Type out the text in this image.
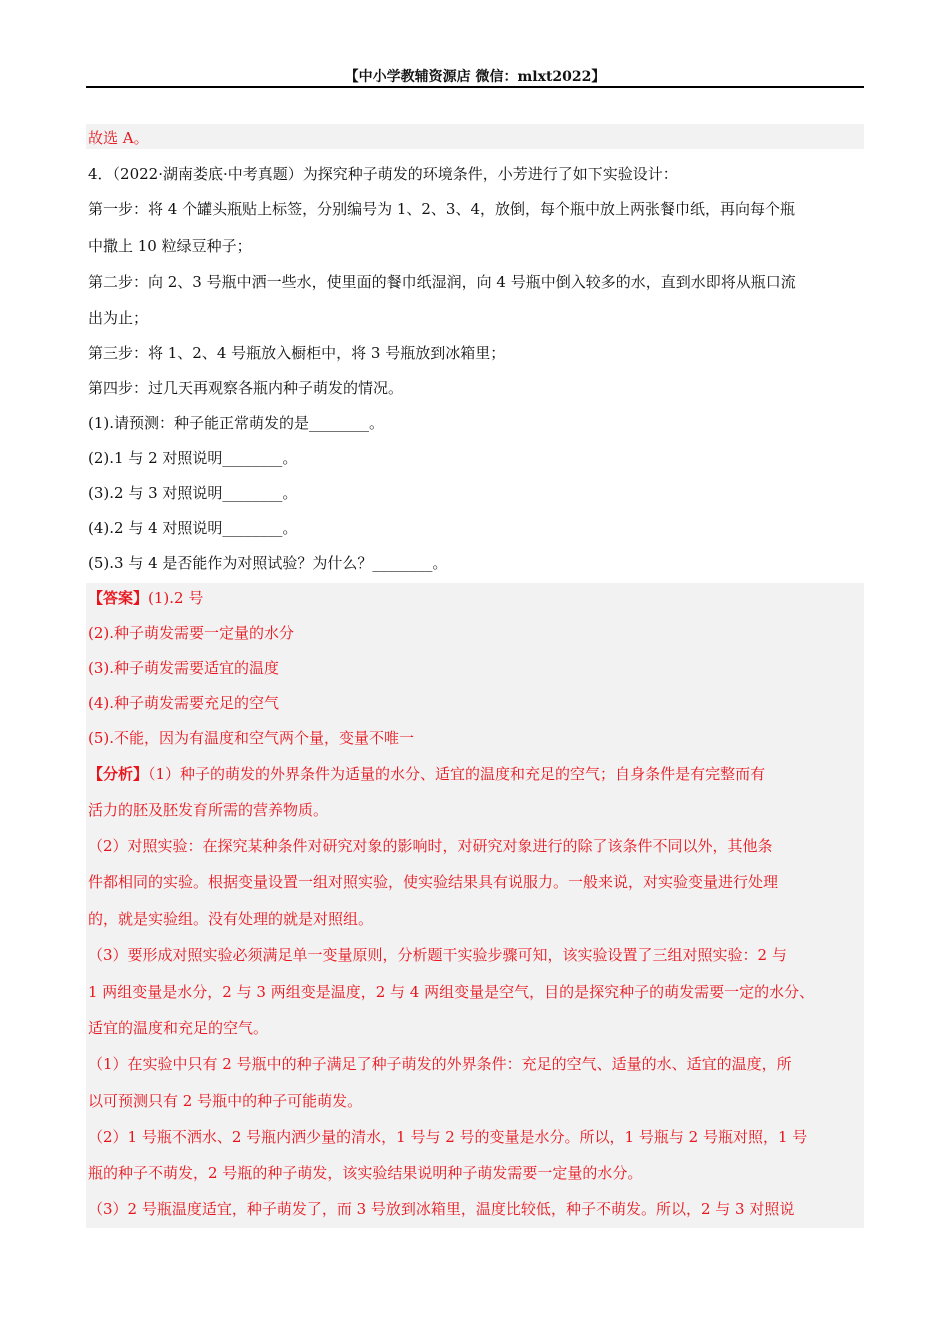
【中小学教辅资源店 微信：mlxt2022】
故选 A。
4．（2022·湖南娄底·中考真题）为探究种子萌发的环境条件，小芳进行了如下实验设计：
第一步：将 4 个罐头瓶贴上标签，分别编号为 1、2、3、4，放倒，每个瓶中放上两张餐巾纸，再向每个瓶
中撒上 10 粒绿豆种子；
第二步：向 2、3 号瓶中洒一些水，使里面的餐巾纸湿润，向 4 号瓶中倒入较多的水，直到水即将从瓶口流
出为止；
第三步：将 1、2、4 号瓶放入橱柜中，将 3 号瓶放到冰箱里；
第四步：过几天再观察各瓶内种子萌发的情况。
(1).请预测：种子能正常萌发的是________。
(2).1 与 2 对照说明________。
(3).2 与 3 对照说明________。
(4).2 与 4 对照说明________。
(5).3 与 4 是否能作为对照试验？为什么？________。
【答案】(1).2 号
(2).种子萌发需要一定量的水分
(3).种子萌发需要适宜的温度
(4).种子萌发需要充足的空气
(5).不能，因为有温度和空气两个量，变量不唯一
【分析】（1）种子的萌发的外界条件为适量的水分、适宜的温度和充足的空气；自身条件是有完整而有
活力的胚及胚发育所需的营养物质。
（2）对照实验：在探究某种条件对研究对象的影响时，对研究对象进行的除了该条件不同以外，其他条
件都相同的实验。根据变量设置一组对照实验，使实验结果具有说服力。一般来说，对实验变量进行处理
的，就是实验组。没有处理的就是对照组。
（3）要形成对照实验必须满足单一变量原则，分析题干实验步骤可知，该实验设置了三组对照实验：2 与
1 两组变量是水分，2 与 3 两组变是温度，2 与 4 两组变量是空气，目的是探究种子的萌发需要一定的水分、
适宜的温度和充足的空气。
（1）在实验中只有 2 号瓶中的种子满足了种子萌发的外界条件：充足的空气、适量的水、适宜的温度，所
以可预测只有 2 号瓶中的种子可能萌发。
（2）1 号瓶不洒水、2 号瓶内洒少量的清水，1 号与 2 号的变量是水分。所以，1 号瓶与 2 号瓶对照，1 号
瓶的种子不萌发，2 号瓶的种子萌发，该实验结果说明种子萌发需要一定量的水分。
（3）2 号瓶温度适宜，种子萌发了，而 3 号放到冰箱里，温度比较低，种子不萌发。所以，2 与 3 对照说
